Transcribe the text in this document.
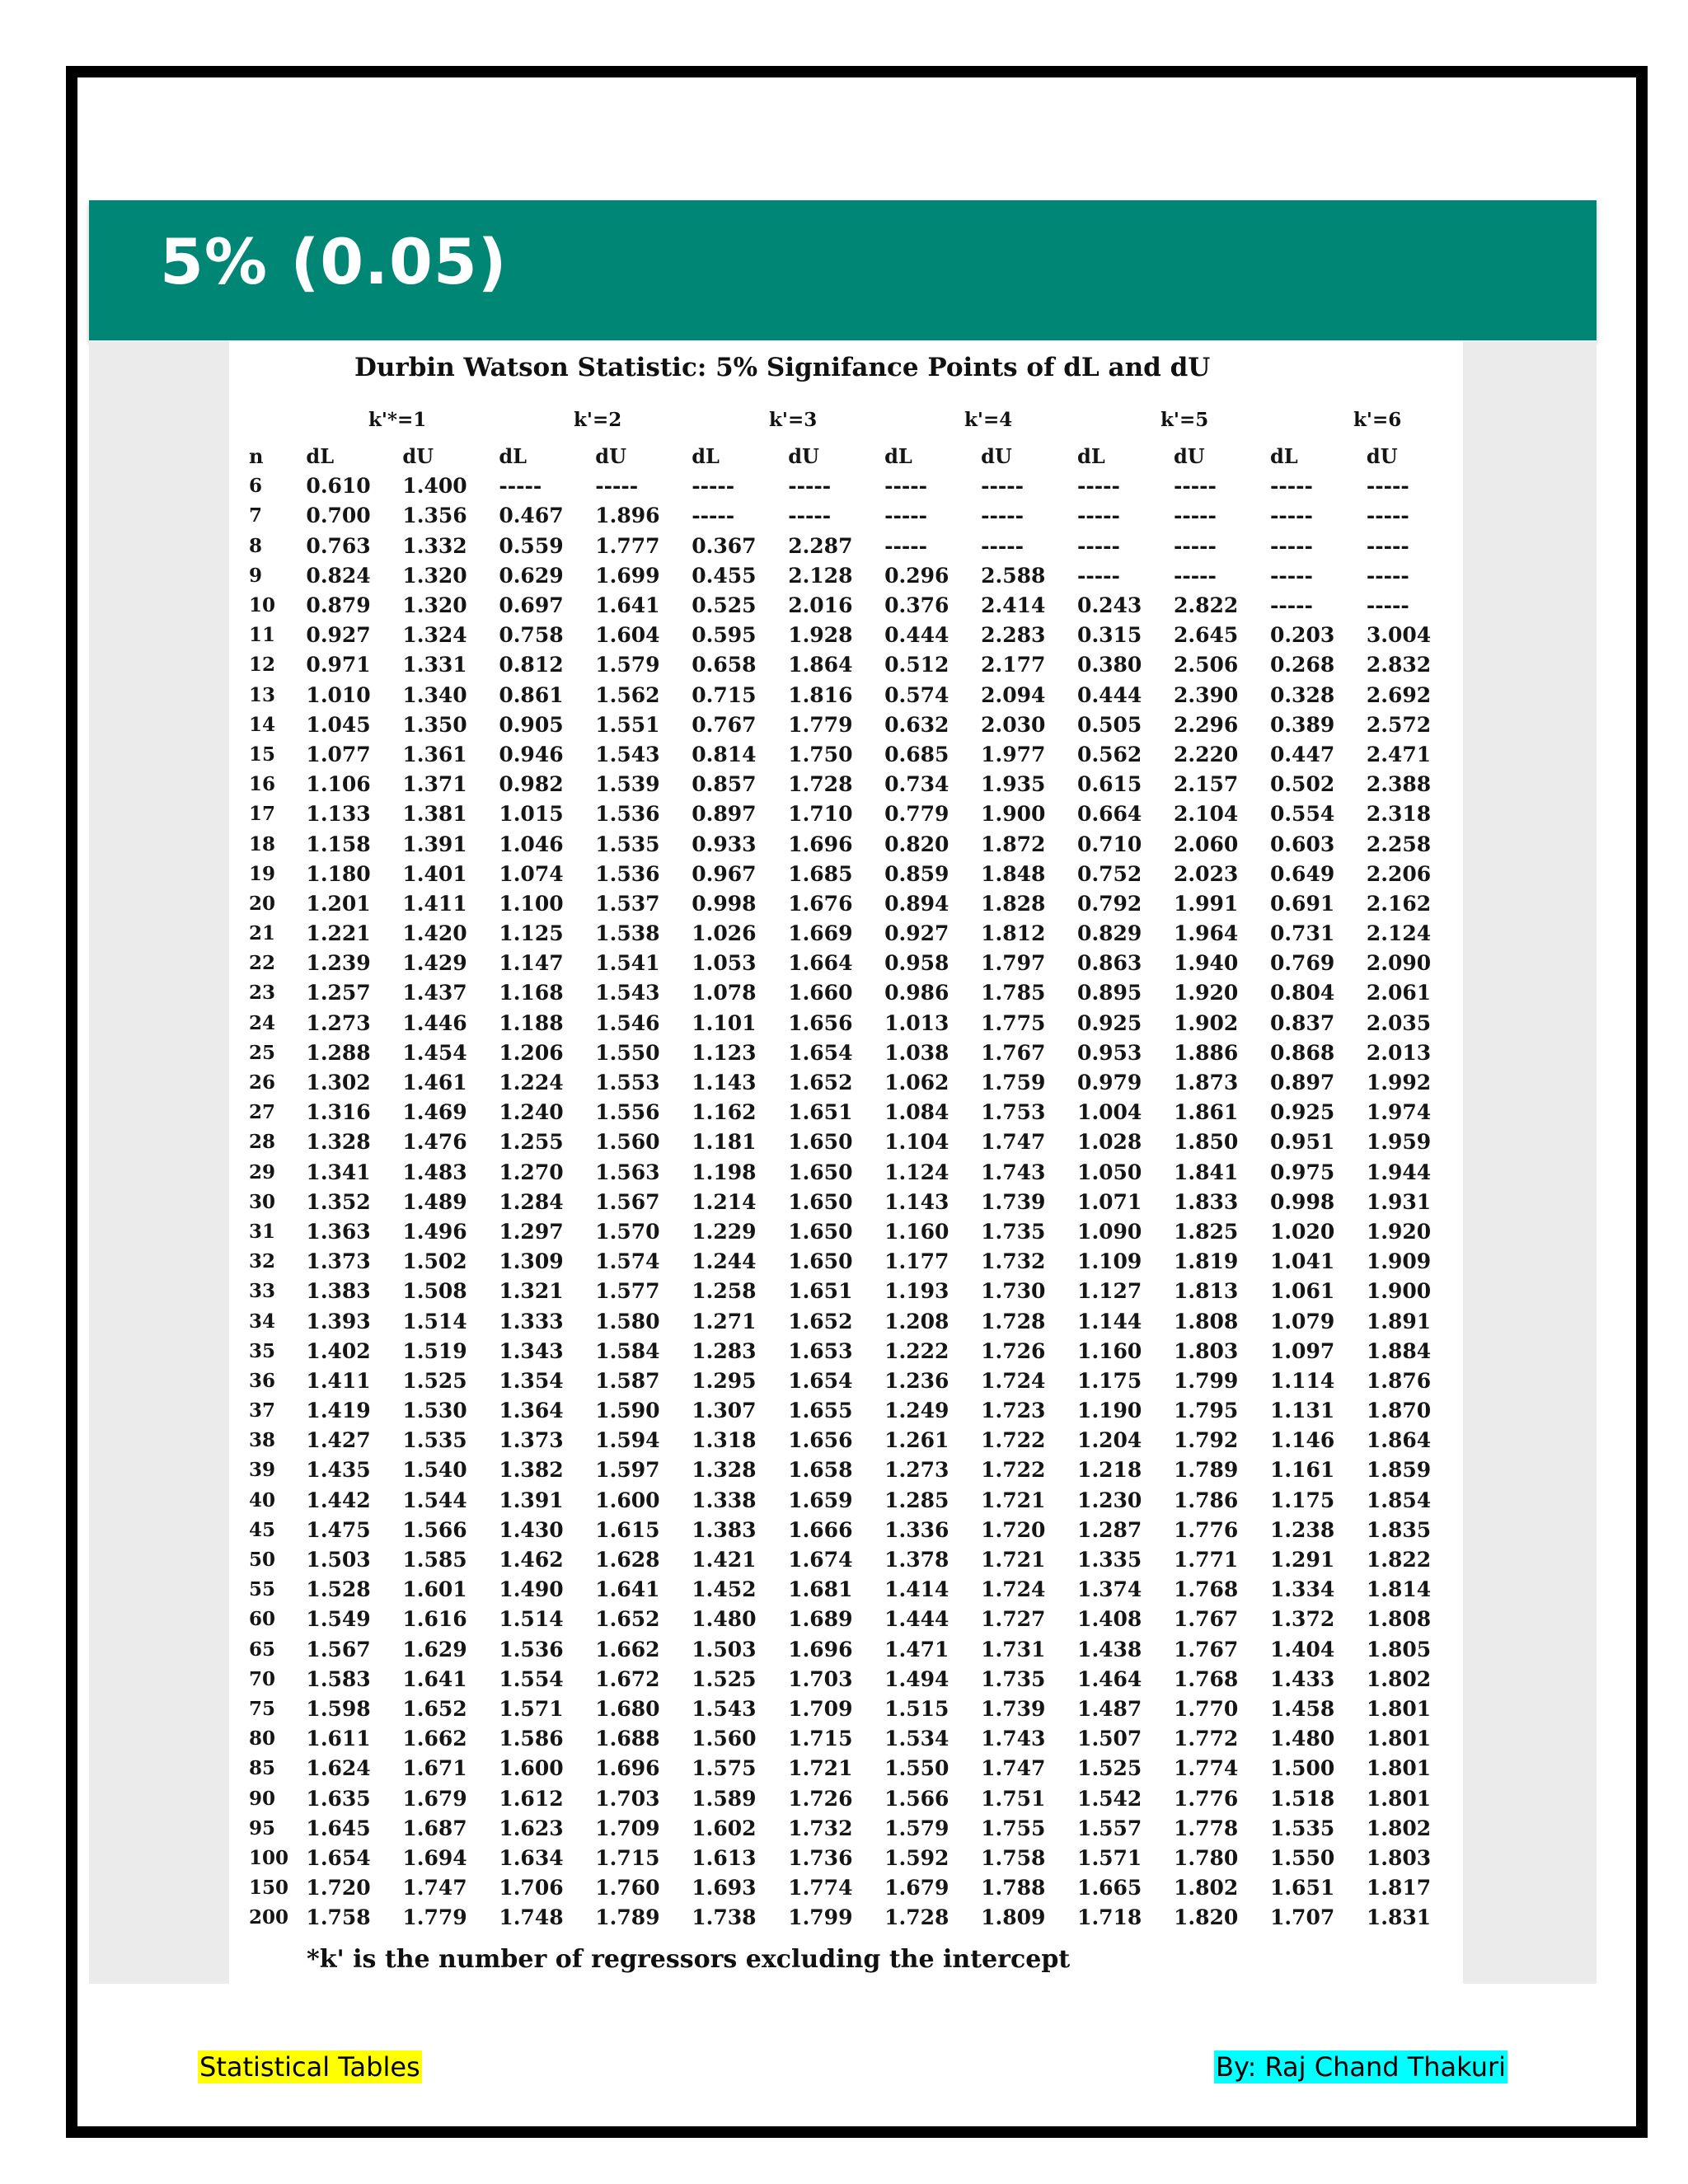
5% (0.05)
Durbin Watson Statistic: 5% Signifance Points of dL and dU
k'*=1	k'=2	k'=3	k'=4	k'=5	k'=6
n	dL	dU	dL	dU	dL	dU	dL	dU	dL	dU	dL	dU
6	0.610	1.400	-----	-----	-----	-----	-----	-----	-----	-----	-----	-----
7	0.700	1.356	0.467	1.896	-----	-----	-----	-----	-----	-----	-----	-----
8	0.763	1.332	0.559	1.777	0.367	2.287	-----	-----	-----	-----	-----	-----
9	0.824	1.320	0.629	1.699	0.455	2.128	0.296	2.588	-----	-----	-----	-----
10	0.879	1.320	0.697	1.641	0.525	2.016	0.376	2.414	0.243	2.822	-----	-----
11	0.927	1.324	0.758	1.604	0.595	1.928	0.444	2.283	0.315	2.645	0.203	3.004
12	0.971	1.331	0.812	1.579	0.658	1.864	0.512	2.177	0.380	2.506	0.268	2.832
13	1.010	1.340	0.861	1.562	0.715	1.816	0.574	2.094	0.444	2.390	0.328	2.692
14	1.045	1.350	0.905	1.551	0.767	1.779	0.632	2.030	0.505	2.296	0.389	2.572
15	1.077	1.361	0.946	1.543	0.814	1.750	0.685	1.977	0.562	2.220	0.447	2.471
16	1.106	1.371	0.982	1.539	0.857	1.728	0.734	1.935	0.615	2.157	0.502	2.388
17	1.133	1.381	1.015	1.536	0.897	1.710	0.779	1.900	0.664	2.104	0.554	2.318
18	1.158	1.391	1.046	1.535	0.933	1.696	0.820	1.872	0.710	2.060	0.603	2.258
19	1.180	1.401	1.074	1.536	0.967	1.685	0.859	1.848	0.752	2.023	0.649	2.206
20	1.201	1.411	1.100	1.537	0.998	1.676	0.894	1.828	0.792	1.991	0.691	2.162
21	1.221	1.420	1.125	1.538	1.026	1.669	0.927	1.812	0.829	1.964	0.731	2.124
22	1.239	1.429	1.147	1.541	1.053	1.664	0.958	1.797	0.863	1.940	0.769	2.090
23	1.257	1.437	1.168	1.543	1.078	1.660	0.986	1.785	0.895	1.920	0.804	2.061
24	1.273	1.446	1.188	1.546	1.101	1.656	1.013	1.775	0.925	1.902	0.837	2.035
25	1.288	1.454	1.206	1.550	1.123	1.654	1.038	1.767	0.953	1.886	0.868	2.013
26	1.302	1.461	1.224	1.553	1.143	1.652	1.062	1.759	0.979	1.873	0.897	1.992
27	1.316	1.469	1.240	1.556	1.162	1.651	1.084	1.753	1.004	1.861	0.925	1.974
28	1.328	1.476	1.255	1.560	1.181	1.650	1.104	1.747	1.028	1.850	0.951	1.959
29	1.341	1.483	1.270	1.563	1.198	1.650	1.124	1.743	1.050	1.841	0.975	1.944
30	1.352	1.489	1.284	1.567	1.214	1.650	1.143	1.739	1.071	1.833	0.998	1.931
31	1.363	1.496	1.297	1.570	1.229	1.650	1.160	1.735	1.090	1.825	1.020	1.920
32	1.373	1.502	1.309	1.574	1.244	1.650	1.177	1.732	1.109	1.819	1.041	1.909
33	1.383	1.508	1.321	1.577	1.258	1.651	1.193	1.730	1.127	1.813	1.061	1.900
34	1.393	1.514	1.333	1.580	1.271	1.652	1.208	1.728	1.144	1.808	1.079	1.891
35	1.402	1.519	1.343	1.584	1.283	1.653	1.222	1.726	1.160	1.803	1.097	1.884
36	1.411	1.525	1.354	1.587	1.295	1.654	1.236	1.724	1.175	1.799	1.114	1.876
37	1.419	1.530	1.364	1.590	1.307	1.655	1.249	1.723	1.190	1.795	1.131	1.870
38	1.427	1.535	1.373	1.594	1.318	1.656	1.261	1.722	1.204	1.792	1.146	1.864
39	1.435	1.540	1.382	1.597	1.328	1.658	1.273	1.722	1.218	1.789	1.161	1.859
40	1.442	1.544	1.391	1.600	1.338	1.659	1.285	1.721	1.230	1.786	1.175	1.854
45	1.475	1.566	1.430	1.615	1.383	1.666	1.336	1.720	1.287	1.776	1.238	1.835
50	1.503	1.585	1.462	1.628	1.421	1.674	1.378	1.721	1.335	1.771	1.291	1.822
55	1.528	1.601	1.490	1.641	1.452	1.681	1.414	1.724	1.374	1.768	1.334	1.814
60	1.549	1.616	1.514	1.652	1.480	1.689	1.444	1.727	1.408	1.767	1.372	1.808
65	1.567	1.629	1.536	1.662	1.503	1.696	1.471	1.731	1.438	1.767	1.404	1.805
70	1.583	1.641	1.554	1.672	1.525	1.703	1.494	1.735	1.464	1.768	1.433	1.802
75	1.598	1.652	1.571	1.680	1.543	1.709	1.515	1.739	1.487	1.770	1.458	1.801
80	1.611	1.662	1.586	1.688	1.560	1.715	1.534	1.743	1.507	1.772	1.480	1.801
85	1.624	1.671	1.600	1.696	1.575	1.721	1.550	1.747	1.525	1.774	1.500	1.801
90	1.635	1.679	1.612	1.703	1.589	1.726	1.566	1.751	1.542	1.776	1.518	1.801
95	1.645	1.687	1.623	1.709	1.602	1.732	1.579	1.755	1.557	1.778	1.535	1.802
100	1.654	1.694	1.634	1.715	1.613	1.736	1.592	1.758	1.571	1.780	1.550	1.803
150	1.720	1.747	1.706	1.760	1.693	1.774	1.679	1.788	1.665	1.802	1.651	1.817
200	1.758	1.779	1.748	1.789	1.738	1.799	1.728	1.809	1.718	1.820	1.707	1.831
*k' is the number of regressors excluding the intercept
Statistical Tables	By: Raj Chand Thakuri
